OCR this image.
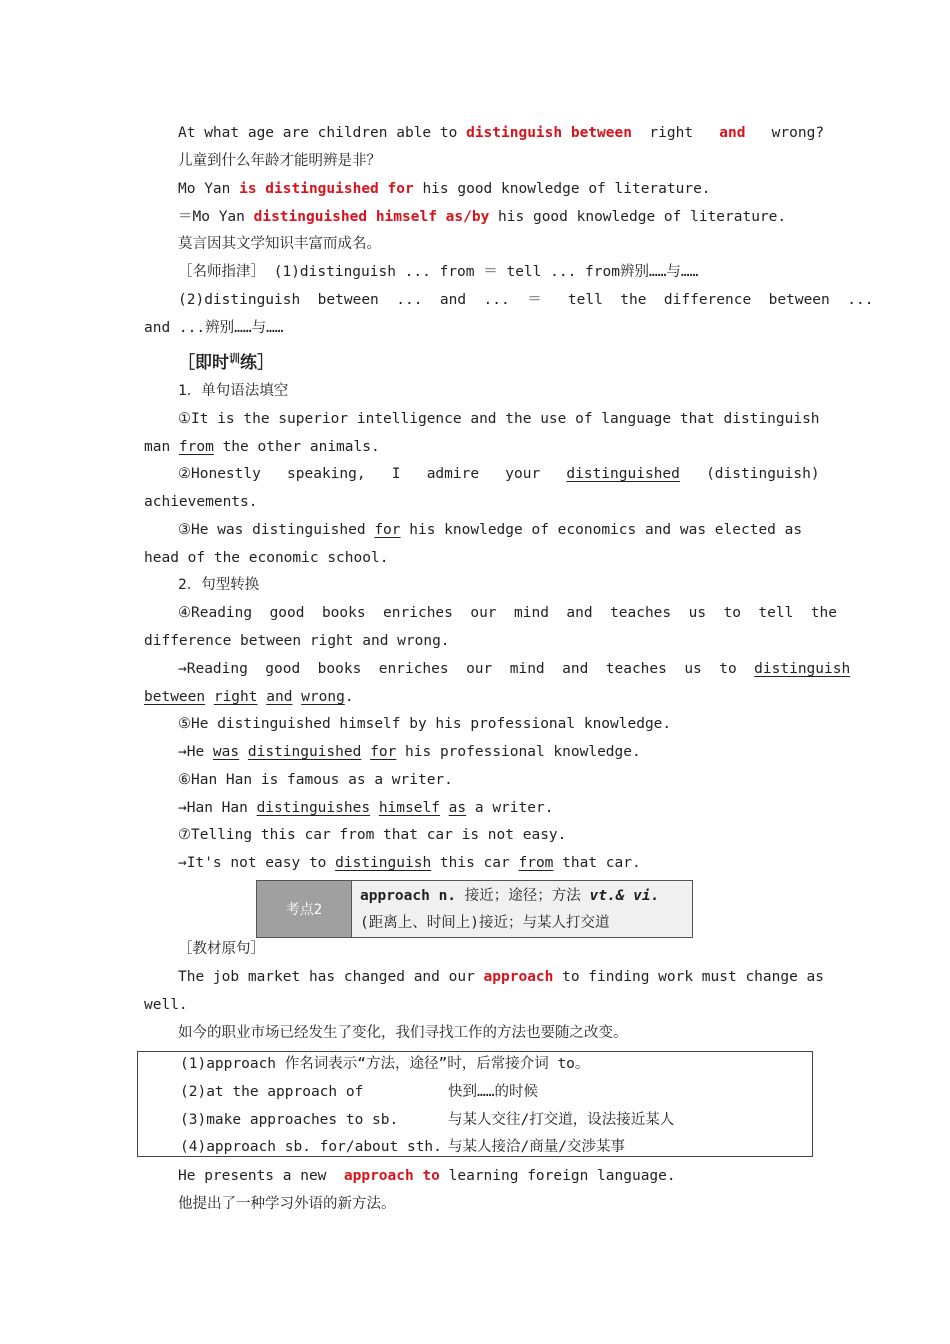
At what age are children able to distinguish between  right   and   wrong?
儿童到什么年龄才能明辨是非？
Mo Yan is distinguished for his good knowledge of literature.
＝Mo Yan distinguished himself as/by his good knowledge of literature.
莫言因其文学知识丰富而成名。
［名师指津］ (1)distinguish ... from ＝ tell ... from辨别……与……
(2)distinguish  between  ...  and  ...  ＝   tell  the  difference  between  ...
and ...辨别……与……
［即时$^训$练］
1．单句语法填空
①It is the superior intelligence and the use of language that distinguish
man from the other animals.
②Honestly   speaking,   I   admire   your   distinguished   (distinguish)
achievements.
③He was distinguished for his knowledge of economics and was elected as
head of the economic school.
2．句型转换
④Reading  good  books  enriches  our  mind  and  teaches  us  to  tell  the
difference between right and wrong.
→Reading  good  books  enriches  our  mind  and  teaches  us  to  distinguish
between right and wrong.
⑤He distinguished himself by his professional knowledge.
→He was distinguished for his professional knowledge.
⑥Han Han is famous as a writer.
→Han Han distinguishes himself as a writer.
⑦Telling this car from that car is not easy.
→It's not easy to distinguish this car from that car.
考点2
approach n. 接近；途径；方法 vt.& vi.
(距离上、时间上)接近；与某人打交道
［教材原句］
The job market has changed and our approach to finding work must change as
well.
如今的职业市场已经发生了变化，我们寻找工作的方法也要随之改变。
(1)approach 作名词表示“方法，途径”时，后常接介词 to。
(2)at the approach of	快到……的时候
(3)make approaches to sb.	与某人交往/打交道，设法接近某人
(4)approach sb. for/about sth. 与某人接洽/商量/交涉某事
He presents a new  approach to learning foreign language.
他提出了一种学习外语的新方法。
